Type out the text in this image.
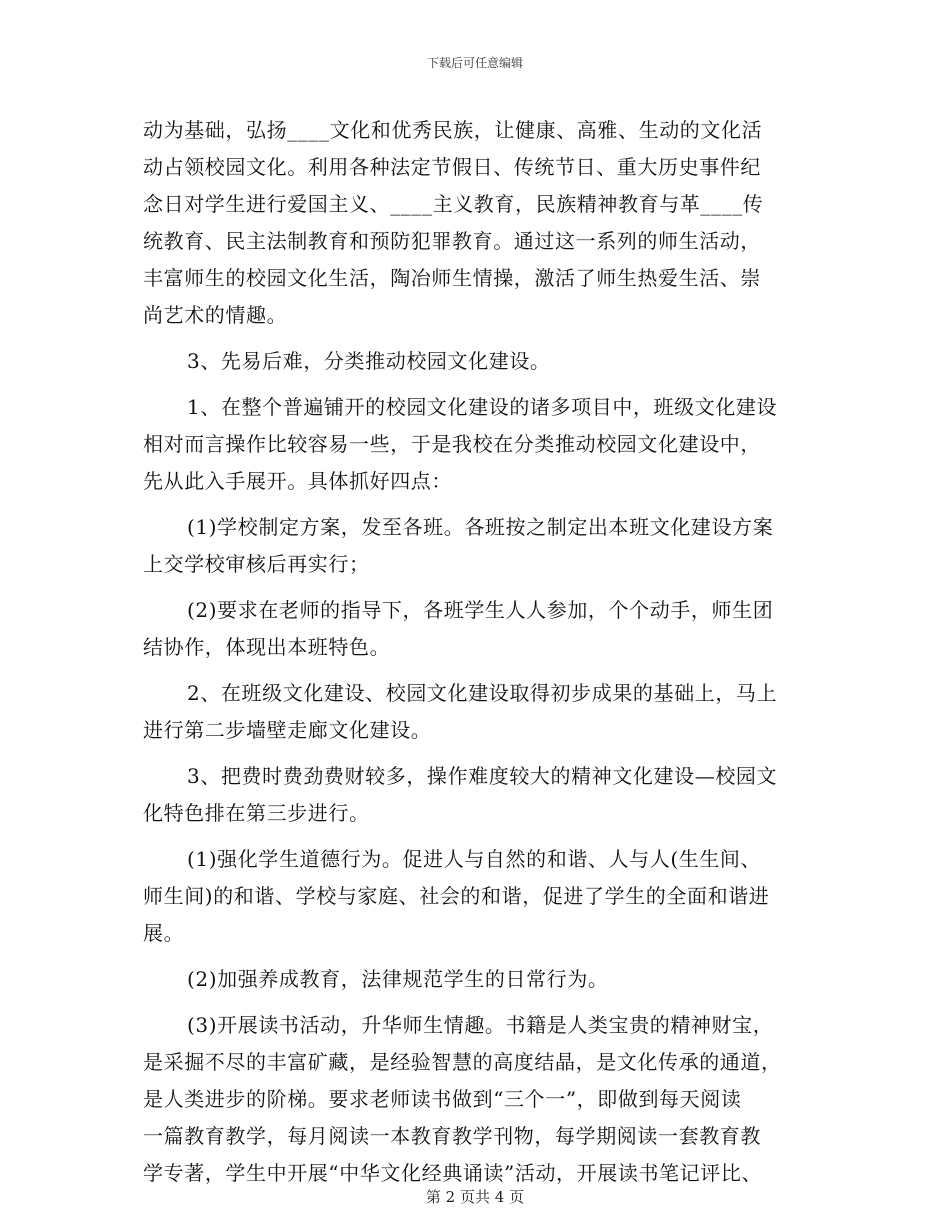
下载后可任意编辑
动为基础，弘扬____文化和优秀民族，让健康、高雅、生动的文化活
动占领校园文化。利用各种法定节假日、传统节日、重大历史事件纪
念日对学生进行爱国主义、____主义教育，民族精神教育与革____传
统教育、民主法制教育和预防犯罪教育。通过这一系列的师生活动，
丰富师生的校园文化生活，陶冶师生情操，激活了师生热爱生活、崇
尚艺术的情趣。
3、先易后难，分类推动校园文化建设。
1、在整个普遍铺开的校园文化建设的诸多项目中，班级文化建设
相对而言操作比较容易一些，于是我校在分类推动校园文化建设中，
先从此入手展开。具体抓好四点：
(1)学校制定方案，发至各班。各班按之制定出本班文化建设方案
上交学校审核后再实行；
(2)要求在老师的指导下，各班学生人人参加，个个动手，师生团
结协作，体现出本班特色。
2、在班级文化建设、校园文化建设取得初步成果的基础上，马上
进行第二步墙壁走廊文化建设。
3、把费时费劲费财较多，操作难度较大的精神文化建设—校园文
化特色排在第三步进行。
(1)强化学生道德行为。促进人与自然的和谐、人与人(生生间、
师生间)的和谐、学校与家庭、社会的和谐，促进了学生的全面和谐进
展。
(2)加强养成教育，法律规范学生的日常行为。
(3)开展读书活动，升华师生情趣。书籍是人类宝贵的精神财宝，
是采掘不尽的丰富矿藏，是经验智慧的高度结晶，是文化传承的通道，
是人类进步的阶梯。要求老师读书做到“三个一”，即做到每天阅读
一篇教育教学，每月阅读一本教育教学刊物，每学期阅读一套教育教
学专著，学生中开展“中华文化经典诵读”活动，开展读书笔记评比、
第 2 页共 4 页
